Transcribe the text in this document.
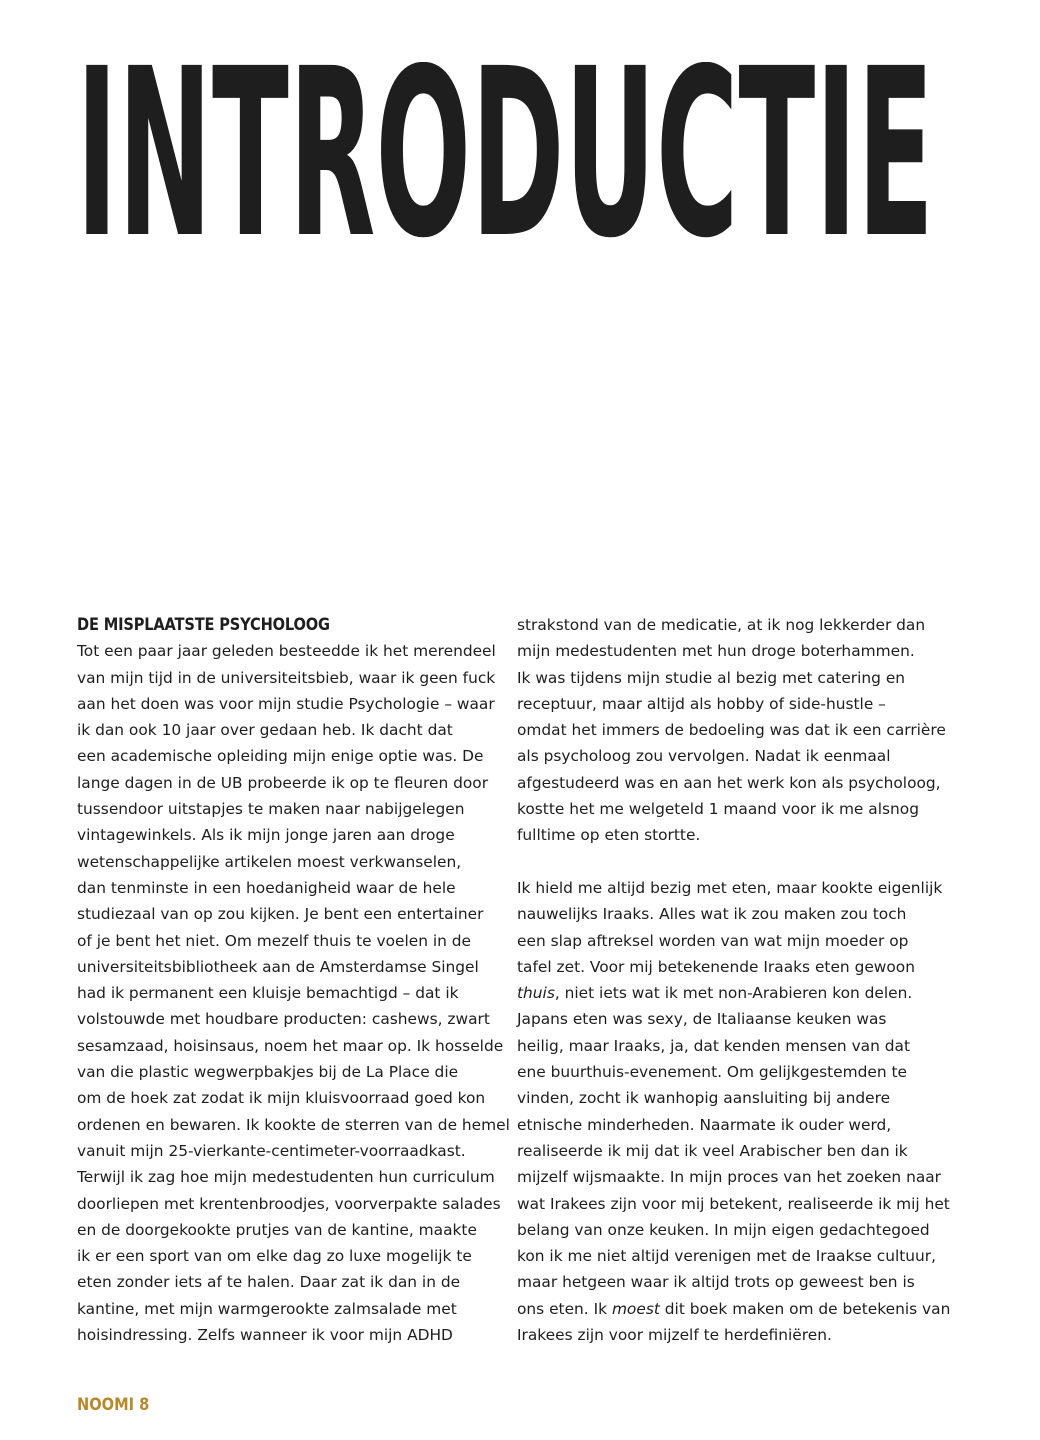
INTRODUCTIE
DE MISPLAATSTE PSYCHOLOOG
Tot een paar jaar geleden besteedde ik het merendeel
van mijn tijd in de universiteitsbieb, waar ik geen fuck
aan het doen was voor mijn studie Psychologie – waar
ik dan ook 10 jaar over gedaan heb. Ik dacht dat
een academische opleiding mijn enige optie was. De
lange dagen in de UB probeerde ik op te fleuren door
tussendoor uitstapjes te maken naar nabijgelegen
vintagewinkels. Als ik mijn jonge jaren aan droge
wetenschappelijke artikelen moest verkwanselen,
dan tenminste in een hoedanigheid waar de hele
studiezaal van op zou kijken. Je bent een entertainer
of je bent het niet. Om mezelf thuis te voelen in de
universiteitsbibliotheek aan de Amsterdamse Singel
had ik permanent een kluisje bemachtigd – dat ik
volstouwde met houdbare producten: cashews, zwart
sesamzaad, hoisinsaus, noem het maar op. Ik hosselde
van die plastic wegwerpbakjes bij de La Place die
om de hoek zat zodat ik mijn kluisvoorraad goed kon
ordenen en bewaren. Ik kookte de sterren van de hemel
vanuit mijn 25-vierkante-centimeter-voorraadkast.
Terwijl ik zag hoe mijn medestudenten hun curriculum
doorliepen met krentenbroodjes, voorverpakte salades
en de doorgekookte prutjes van de kantine, maakte
ik er een sport van om elke dag zo luxe mogelijk te
eten zonder iets af te halen. Daar zat ik dan in de
kantine, met mijn warmgerookte zalmsalade met
hoisindressing. Zelfs wanneer ik voor mijn ADHD
strakstond van de medicatie, at ik nog lekkerder dan
mijn medestudenten met hun droge boterhammen.
Ik was tijdens mijn studie al bezig met catering en
receptuur, maar altijd als hobby of side-hustle –
omdat het immers de bedoeling was dat ik een carrière
als psycholoog zou vervolgen. Nadat ik eenmaal
afgestudeerd was en aan het werk kon als psycholoog,
kostte het me welgeteld 1 maand voor ik me alsnog
fulltime op eten stortte.
Ik hield me altijd bezig met eten, maar kookte eigenlijk
nauwelijks Iraaks. Alles wat ik zou maken zou toch
een slap aftreksel worden van wat mijn moeder op
tafel zet. Voor mij betekenende Iraaks eten gewoon
thuis, niet iets wat ik met non-Arabieren kon delen.
Japans eten was sexy, de Italiaanse keuken was
heilig, maar Iraaks, ja, dat kenden mensen van dat
ene buurthuis-evenement. Om gelijkgestemden te
vinden, zocht ik wanhopig aansluiting bij andere
etnische minderheden. Naarmate ik ouder werd,
realiseerde ik mij dat ik veel Arabischer ben dan ik
mijzelf wijsmaakte. In mijn proces van het zoeken naar
wat Irakees zijn voor mij betekent, realiseerde ik mij het
belang van onze keuken. In mijn eigen gedachtegoed
kon ik me niet altijd verenigen met de Iraakse cultuur,
maar hetgeen waar ik altijd trots op geweest ben is
ons eten. Ik moest dit boek maken om de betekenis van
Irakees zijn voor mijzelf te herdefiniëren.
NOOMI 8
